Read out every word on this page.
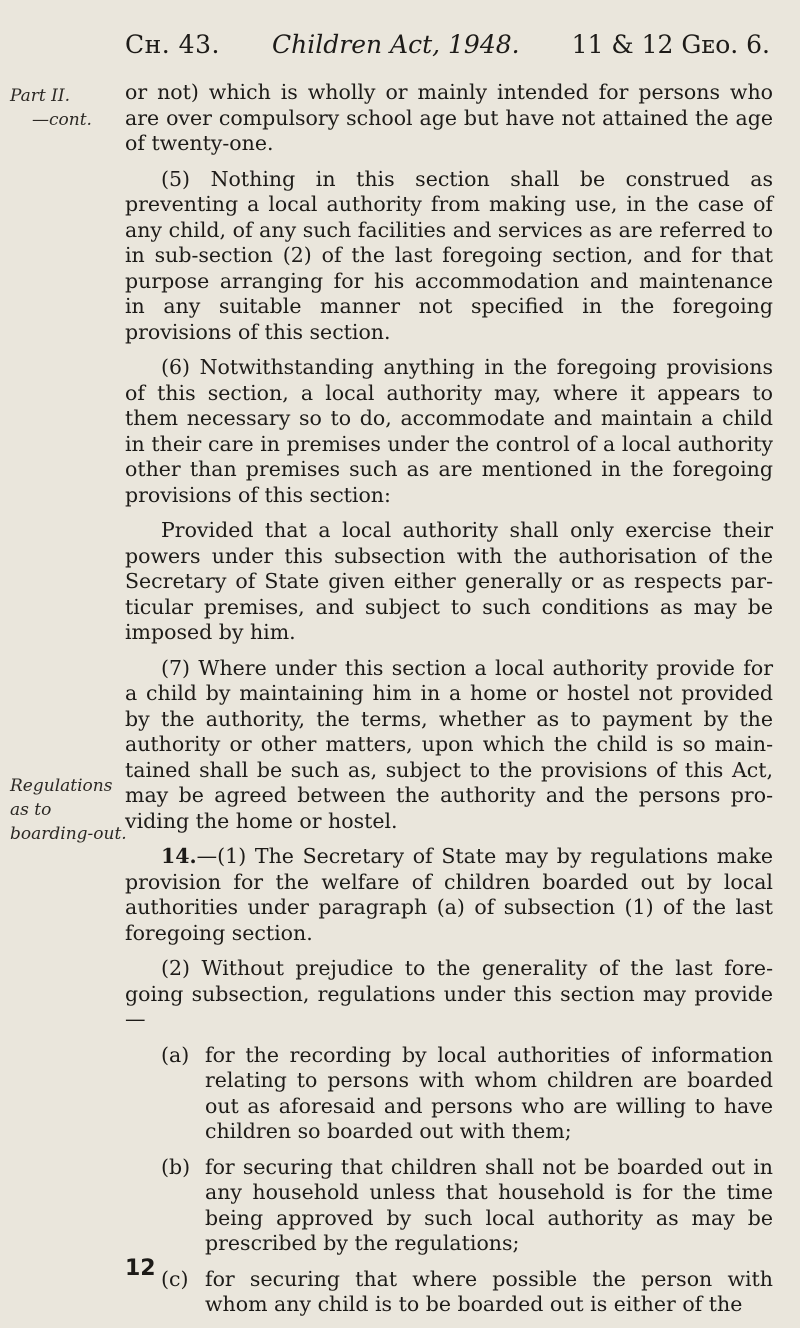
Cʜ. 43. Children Act, 1948. 11 & 12 Gᴇᴏ. 6.
Part II.
—cont.
Regulations
as to
boarding-out.

or not) which is wholly or mainly intended for persons who are over compulsory school age but have not attained the age of twenty-one.

(5) Nothing in this section shall be construed as preventing a local authority from making use, in the case of any child, of any such facilities and services as are referred to in sub-section (2) of the last foregoing section, and for that purpose arranging for his accommodation and maintenance in any suitable manner not specified in the foregoing provisions of this section.

(6) Notwithstanding anything in the foregoing provisions of this section, a local authority may, where it appears to them necessary so to do, accommodate and maintain a child in their care in premises under the control of a local authority other than premises such as are mentioned in the foregoing provisions of this section:

Provided that a local authority shall only exercise their powers under this subsection with the authorisation of the Secretary of State given either generally or as respects par-ticular premises, and subject to such conditions as may be imposed by him.

(7) Where under this section a local authority provide for a child by maintaining him in a home or hostel not provided by the authority, the terms, whether as to payment by the authority or other matters, upon which the child is so main-tained shall be such as, subject to the provisions of this Act, may be agreed between the authority and the persons pro-viding the home or hostel.

14.—(1) The Secretary of State may by regulations make provision for the welfare of children boarded out by local authorities under paragraph (a) of subsection (1) of the last foregoing section.

(2) Without prejudice to the generality of the last fore-going subsection, regulations under this section may provide—

(a) for the recording by local authorities of information relating to persons with whom children are boarded out as aforesaid and persons who are willing to have children so boarded out with them;
(b) for securing that children shall not be boarded out in any household unless that household is for the time being approved by such local authority as may be prescribed by the regulations;
(c) for securing that where possible the person with whom any child is to be boarded out is either of the
12
